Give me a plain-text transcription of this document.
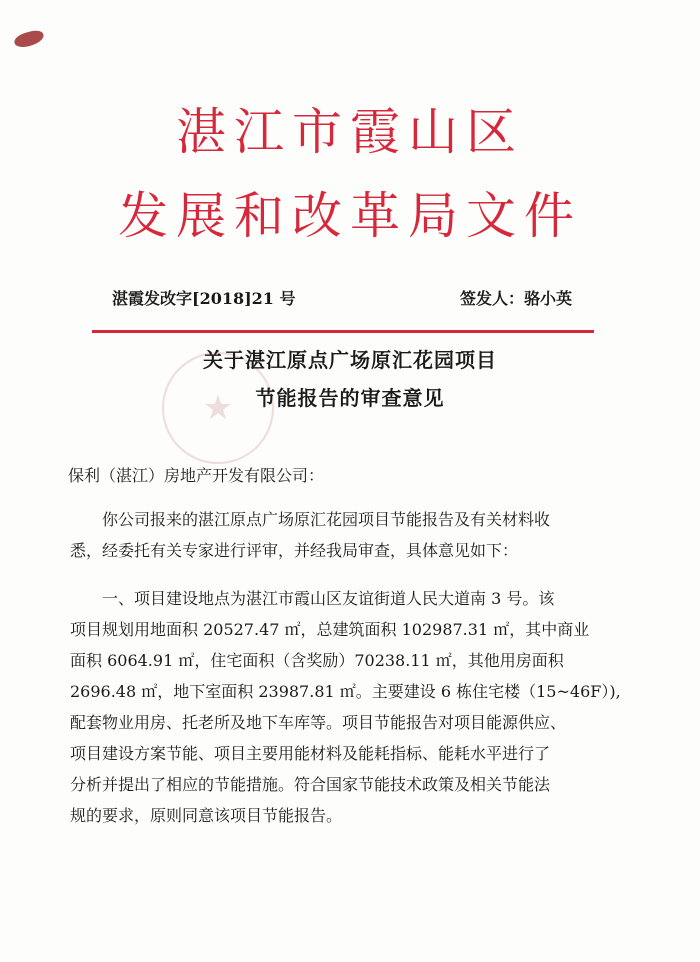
湛江市霞山区
发展和改革局文件
湛霞发改字[2018]21 号	签发人：骆小英
★
关于湛江原点广场原汇花园项目
节能报告的审查意见
保利（湛江）房地产开发有限公司：
　　你公司报来的湛江原点广场原汇花园项目节能报告及有关材料收
悉，经委托有关专家进行评审，并经我局审查，具体意见如下：
　　一、项目建设地点为湛江市霞山区友谊街道人民大道南 3 号。该
项目规划用地面积 20527.47 ㎡，总建筑面积 102987.31 ㎡，其中商业
面积 6064.91 ㎡，住宅面积（含奖励）70238.11 ㎡，其他用房面积
2696.48 ㎡，地下室面积 23987.81 ㎡。主要建设 6 栋住宅楼（15~46F）),
配套物业用房、托老所及地下车库等。项目节能报告对项目能源供应、
项目建设方案节能、项目主要用能材料及能耗指标、能耗水平进行了
分析并提出了相应的节能措施。符合国家节能技术政策及相关节能法
规的要求，原则同意该项目节能报告。
